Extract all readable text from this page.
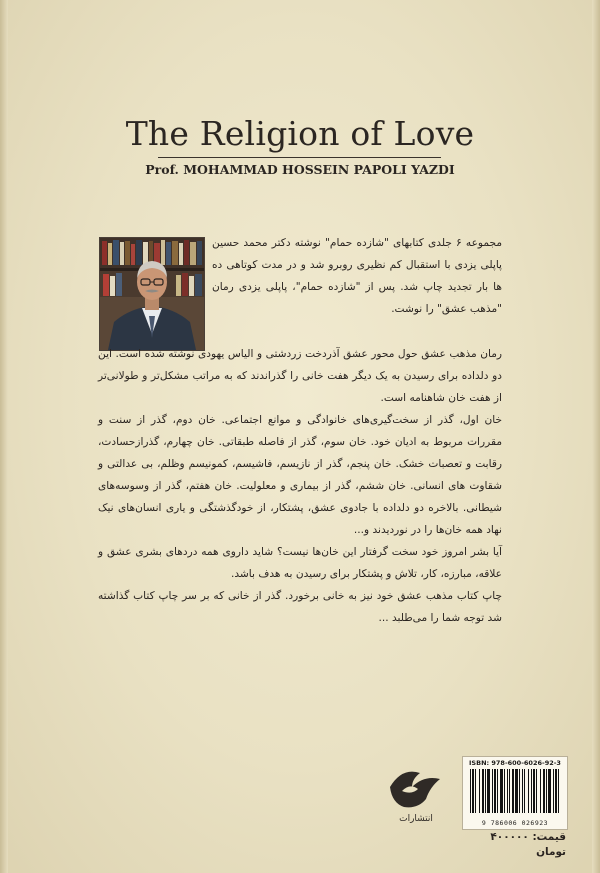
The Religion of Love
Prof. MOHAMMAD HOSSEIN PAPOLI YAZDI

مجموعه ۶ جلدی کتابهای "شازده حمام" نوشته دکتر محمد حسین پاپلی یزدی با استقبال کم نظیری روبرو شد و در مدت کوتاهی ده ها بار تجدید چاپ شد. پس از "شازده حمام"، پاپلی یزدی رمان "مذهب عشق" را نوشت.

رمان مذهب عشق حول محور عشق آذردخت زردشتی و الیاس یهودی نوشته شده است. این دو دلداده برای رسیدن به یک دیگر هفت خانی را گذراندند که به مراتب مشکل‌تر و طولانی‌تر از هفت خان شاهنامه است.

خان اول، گذر از سخت‌گیری‌های خانوادگی و موانع اجتماعی. خان دوم، گذر از سنت و مقررات مربوط به ادیان خود. خان سوم، گذر از فاصله طبقاتی. خان چهارم، گذرازحسادت، رقابت و تعصبات خشک. خان پنجم، گذر از نازیسم، فاشیسم، کمونیسم وظلم، بی عدالتی و شقاوت های انسانی. خان ششم، گذر از بیماری و معلولیت. خان هفتم، گذر از وسوسه‌های شیطانی. بالاخره دو دلداده با جادوی عشق، پشتکار، از خودگذشتگی و یاری انسان‌های نیک نهاد همه خان‌ها را در نوردیدند و...

آیا بشر امروز خود سخت گرفتار این خان‌ها نیست؟ شاید داروی همه دردهای بشری عشق و علاقه، مبارزه، کار، تلاش و پشتکار برای رسیدن به هدف باشد.

چاپ کتاب مذهب عشق خود نیز به خانی برخورد. گذر از خانی که بر سر چاپ کتاب گذاشته شد توجه شما را می‌طلبد ...

انتشارات
ISBN: 978-600-6026-92-3
9 786006 026923
قیمت: ۴۰۰۰۰۰ تومان
